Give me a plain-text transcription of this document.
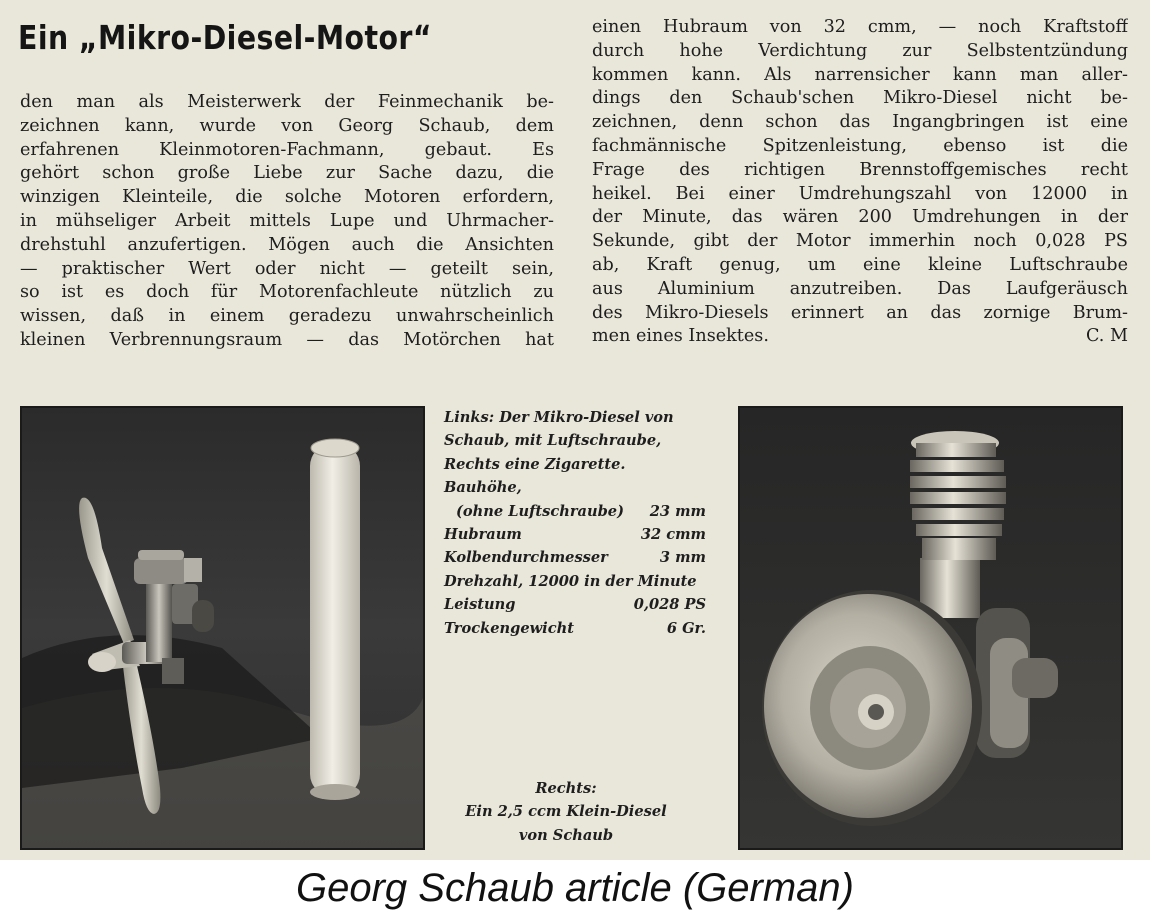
Ein „Mikro-Diesel-Motor“
den man als Meisterwerk der Feinmechanik be-
zeichnen kann, wurde von Georg Schaub, dem
erfahrenen Kleinmotoren-Fachmann, gebaut. Es
gehört schon große Liebe zur Sache dazu, die
winzigen Kleinteile, die solche Motoren erfordern,
in mühseliger Arbeit mittels Lupe und Uhrmacher-
drehstuhl anzufertigen. Mögen auch die Ansichten
— praktischer Wert oder nicht — geteilt sein,
so ist es doch für Motorenfachleute nützlich zu
wissen, daß in einem geradezu unwahrscheinlich
kleinen Verbrennungsraum — das Motörchen hat
einen Hubraum von 32 cmm, — noch Kraftstoff
durch hohe Verdichtung zur Selbstentzündung
kommen kann. Als narrensicher kann man aller-
dings den Schaub'schen Mikro-Diesel nicht be-
zeichnen, denn schon das Ingangbringen ist eine
fachmännische Spitzenleistung, ebenso ist die
Frage des richtigen Brennstoffgemisches recht
heikel. Bei einer Umdrehungszahl von 12000 in
der Minute, das wären 200 Umdrehungen in der
Sekunde, gibt der Motor immerhin noch 0,028 PS
ab, Kraft genug, um eine kleine Luftschraube
aus Aluminium anzutreiben. Das Laufgeräusch
des Mikro-Diesels erinnert an das zornige Brum-
men eines Insektes.	C. M
Links: Der Mikro-Diesel von
Schaub, mit Luftschraube,
Rechts eine Zigarette.
Bauhöhe,
(ohne Luftschraube)	23 mm
Hubraum	32 cmm
Kolbendurchmesser	3 mm
Drehzahl, 12000 in der Minute
Leistung	0,028 PS
Trockengewicht	6 Gr.
Rechts:
Ein 2,5 ccm Klein-Diesel
von Schaub
Georg Schaub article (German)
